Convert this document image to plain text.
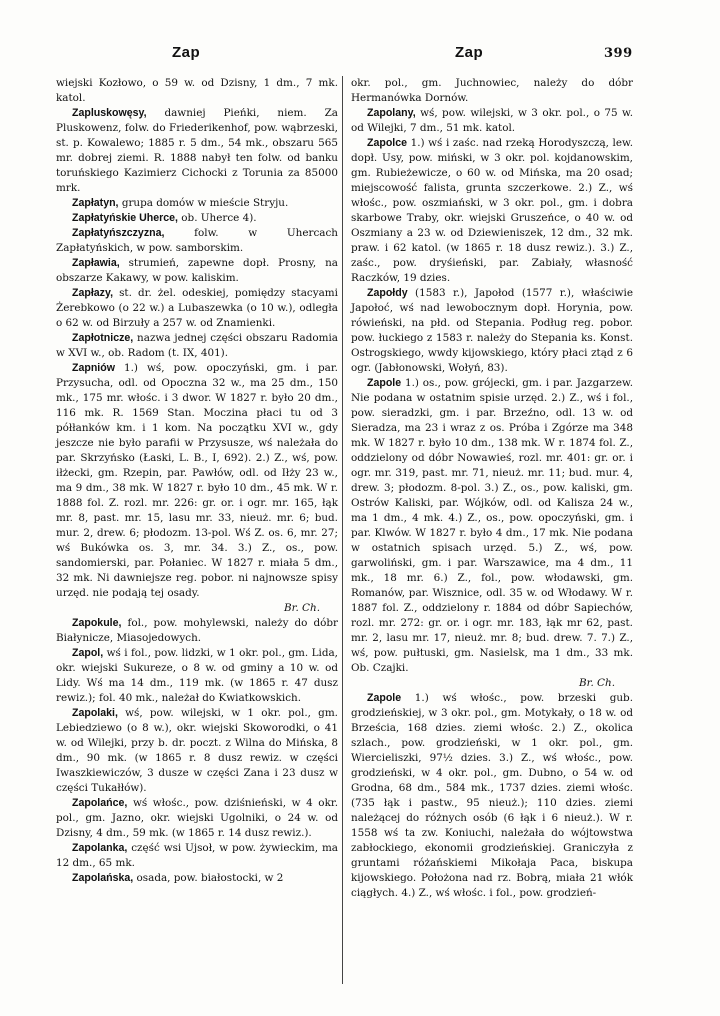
Zap	Zap	399

wiejski Kozłowo, o 59 w. od Dzisny, 1 dm., 7 mk. katol.

Zapluskowęsy, dawniej Pieńki, niem. Za Pluskowenz, folw. do Friederikenhof, pow. wąbrzeski, st. p. Kowalewo; 1885 r. 5 dm., 54 mk., obszaru 565 mr. dobrej ziemi. R. 1888 nabył ten folw. od banku toruńskiego Kazimierz Cichocki z Torunia za 85000 mrk.

Zapłatyn, grupa domów w mieście Stryju.

Zapłatyńskie Uherce, ob. Uherce 4).

Zapłatyńszczyzna, folw. w Uhercach Zapłatyńskich, w pow. samborskim.

Zapławia, strumień, zapewne dopł. Prosny, na obszarze Kakawy, w pow. kaliskim.

Zapłazy, st. dr. żel. odeskiej, pomiędzy stacyami Żerebkowo (o 22 w.) a Lubaszewka (o 10 w.), odległa o 62 w. od Birzuły a 257 w. od Znamienki.

Zapłotnicze, nazwa jednej części obszaru Radomia w XVI w., ob. Radom (t. IX, 401).

Zapniów 1.) wś, pow. opoczyński, gm. i par. Przysucha, odl. od Opoczna 32 w., ma 25 dm., 150 mk., 175 mr. włośc. i 3 dwor. W 1827 r. było 20 dm., 116 mk. R. 1569 Stan. Moczina płaci tu od 3 półłanków km. i 1 kom. Na początku XVI w., gdy jeszcze nie było parafii w Przysusze, wś należała do par. Skrzyńsko (Łaski, L. B., I, 692). 2.) Z., wś, pow. iłżecki, gm. Rzepin, par. Pawłów, odl. od Iłży 23 w., ma 9 dm., 38 mk. W 1827 r. było 10 dm., 45 mk. W r. 1888 fol. Z. rozl. mr. 226: gr. or. i ogr. mr. 165, łąk mr. 8, past. mr. 15, lasu mr. 33, nieuż. mr. 6; bud. mur. 2, drew. 6; płodozm. 13-pol. Wś Z. os. 6, mr. 27; wś Bukówka os. 3, mr. 34. 3.) Z., os., pow. sandomierski, par. Połaniec. W 1827 r. miała 5 dm., 32 mk. Ni dawniejsze reg. pobor. ni najnowsze spisy urzęd. nie podają tej osady.

Br. Ch.

Zapokule, fol., pow. mohylewski, należy do dóbr Białynicze, Miasojedowych.

Zapol, wś i fol., pow. lidzki, w 1 okr. pol., gm. Lida, okr. wiejski Sukureze, o 8 w. od gminy a 10 w. od Lidy. Wś ma 14 dm., 119 mk. (w 1865 r. 47 dusz rewiz.); fol. 40 mk., należał do Kwiatkowskich.

Zapolaki, wś, pow. wilejski, w 1 okr. pol., gm. Lebiedziewo (o 8 w.), okr. wiejski Skoworodki, o 41 w. od Wilejki, przy b. dr. poczt. z Wilna do Mińska, 8 dm., 90 mk. (w 1865 r. 8 dusz rewiz. w części Iwaszkiewiczów, 3 dusze w części Zana i 23 dusz w części Tukałłów).

Zapolańce, wś włośc., pow. dziśnieński, w 4 okr. pol., gm. Jazno, okr. wiejski Ugolniki, o 24 w. od Dzisny, 4 dm., 59 mk. (w 1865 r. 14 dusz rewiz.).

Zapolanka, część wsi Ujsoł, w pow. żywieckim, ma 12 dm., 65 mk.

Zapolańska, osada, pow. białostocki, w 2

okr. pol., gm. Juchnowiec, należy do dóbr Hermanówka Dornów.

Zapolany, wś, pow. wilejski, w 3 okr. pol., o 75 w. od Wilejki, 7 dm., 51 mk. katol.

Zapolce 1.) wś i zaśc. nad rzeką Horodyszczą, lew. dopł. Usy, pow. miński, w 3 okr. pol. kojdanowskim, gm. Rubieżewicze, o 60 w. od Mińska, ma 20 osad; miejscowość falista, grunta szczerkowe. 2.) Z., wś włośc., pow. oszmiański, w 3 okr. pol., gm. i dobra skarbowe Traby, okr. wiejski Gruszeńce, o 40 w. od Oszmiany a 23 w. od Dziewieniszek, 12 dm., 32 mk. praw. i 62 katol. (w 1865 r. 18 dusz rewiz.). 3.) Z., zaśc., pow. dryśieński, par. Zabiały, własność Raczków, 19 dzies.

Zapołdy (1583 r.), Japołod (1577 r.), właściwie Japołoć, wś nad lewobocznym dopł. Horynia, pow. rówieński, na płd. od Stepania. Podług reg. pobor. pow. łuckiego z 1583 r. należy do Stepania ks. Konst. Ostrogskiego, wwdy kijowskiego, który płaci ztąd z 6 ogr. (Jabłonowski, Wołyń, 83).

Zapole 1.) os., pow. grójecki, gm. i par. Jazgarzew. Nie podana w ostatnim spisie urzęd. 2.) Z., wś i fol., pow. sieradzki, gm. i par. Brzeźno, odl. 13 w. od Sieradza, ma 23 i wraz z os. Próba i Zgórze ma 348 mk. W 1827 r. było 10 dm., 138 mk. W r. 1874 fol. Z., oddzielony od dóbr Nowawieś, rozl. mr. 401: gr. or. i ogr. mr. 319, past. mr. 71, nieuż. mr. 11; bud. mur. 4, drew. 3; płodozm. 8-pol. 3.) Z., os., pow. kaliski, gm. Ostrów Kaliski, par. Wójków, odl. od Kalisza 24 w., ma 1 dm., 4 mk. 4.) Z., os., pow. opoczyński, gm. i par. Klwów. W 1827 r. było 4 dm., 17 mk. Nie podana w ostatnich spisach urzęd. 5.) Z., wś, pow. garwoliński, gm. i par. Warszawice, ma 4 dm., 11 mk., 18 mr. 6.) Z., fol., pow. włodawski, gm. Romanów, par. Wisznice, odl. 35 w. od Włodawy. W r. 1887 fol. Z., oddzielony r. 1884 od dóbr Sapiechów, rozl. mr. 272: gr. or. i ogr. mr. 183, łąk mr 62, past. mr. 2, lasu mr. 17, nieuż. mr. 8; bud. drew. 7. 7.) Z., wś, pow. pułtuski, gm. Nasielsk, ma 1 dm., 33 mk. Ob. Czajki.

Br. Ch.

Zapole 1.) wś włośc., pow. brzeski gub. grodzieńskiej, w 3 okr. pol., gm. Motykały, o 18 w. od Brześcia, 168 dzies. ziemi włośc. 2.) Z., okolica szlach., pow. grodzieński, w 1 okr. pol., gm. Wiercieliszki, 97½ dzies. 3.) Z., wś włośc., pow. grodzieński, w 4 okr. pol., gm. Dubno, o 54 w. od Grodna, 68 dm., 584 mk., 1737 dzies. ziemi włośc. (735 łąk i pastw., 95 nieuż.); 110 dzies. ziemi należącej do różnych osób (6 łąk i 6 nieuż.). W r. 1558 wś ta zw. Koniuchi, należała do wójtowstwa zabłockiego, ekonomii grodzieńskiej. Graniczyła z gruntami różańskiemi Mikołaja Paca, biskupa kijowskiego. Położona nad rz. Bobrą, miała 21 włók ciągłych. 4.) Z., wś włośc. i fol., pow. grodzień-
